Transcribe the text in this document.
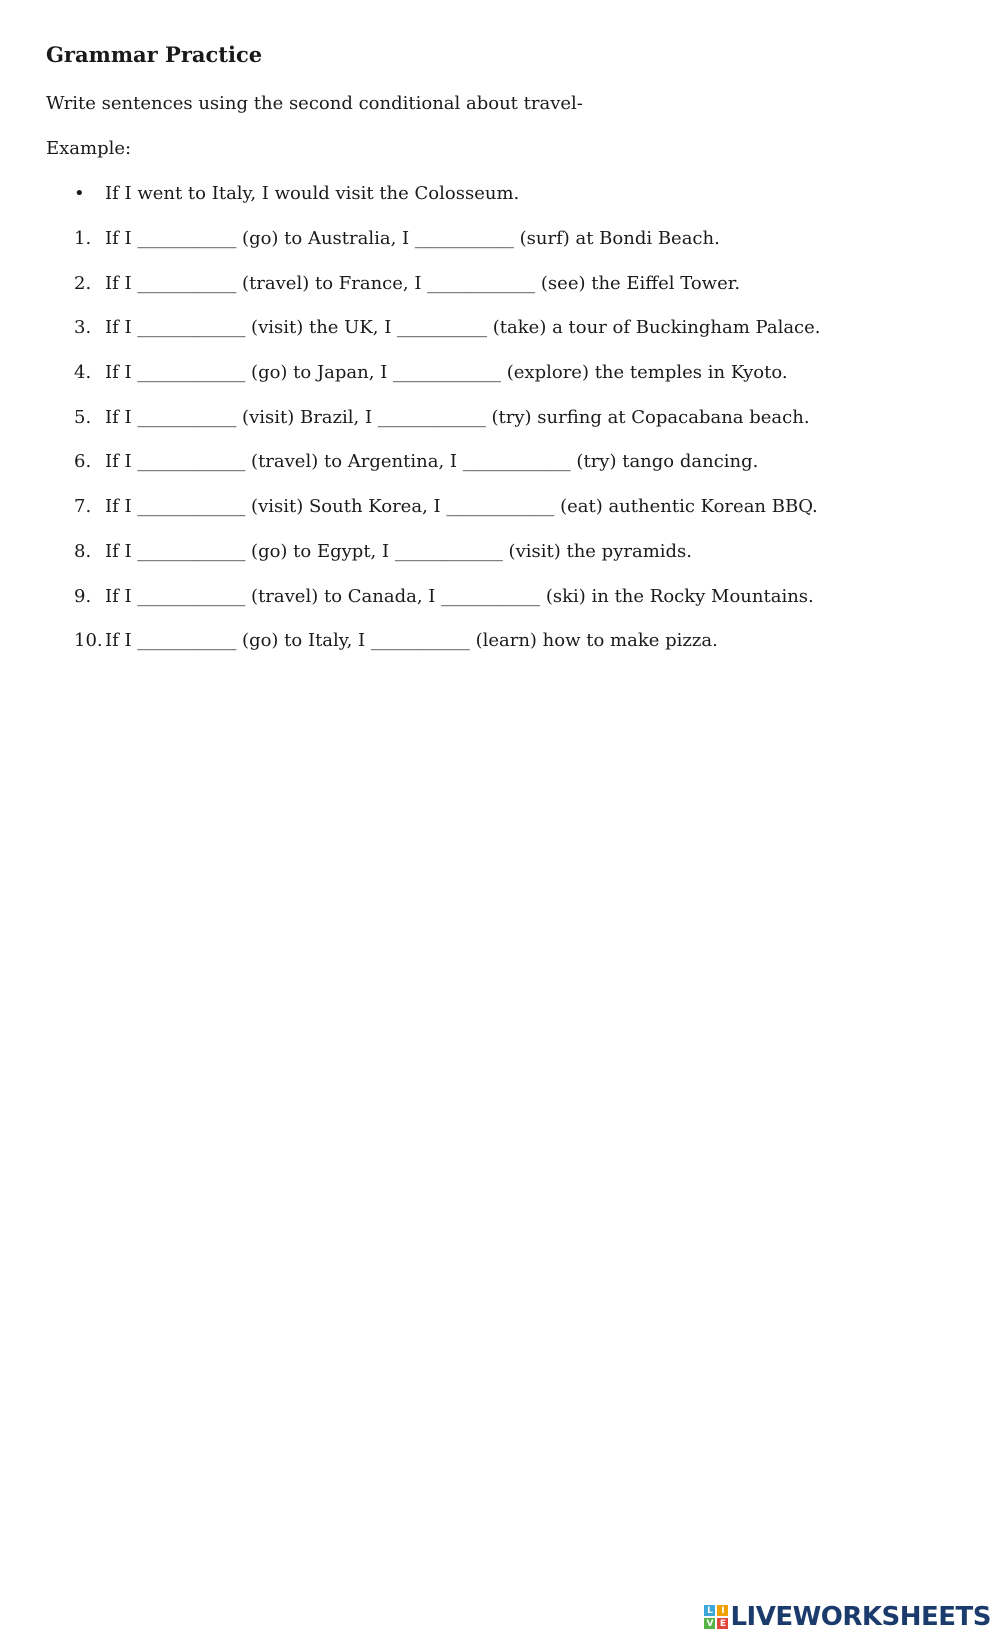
Grammar Practice

Write sentences using the second conditional about travel-

Example:

•	If I went to Italy, I would visit the Colosseum.
1. If I ___________ (go) to Australia, I ___________ (surf) at Bondi Beach.
2. If I ___________ (travel) to France, I ____________ (see) the Eiffel Tower.
3. If I ____________ (visit) the UK, I __________ (take) a tour of Buckingham Palace.
4. If I ____________ (go) to Japan, I ____________ (explore) the temples in Kyoto.
5. If I ___________ (visit) Brazil, I ____________ (try) surfing at Copacabana beach.
6. If I ____________ (travel) to Argentina, I ____________ (try) tango dancing.
7. If I ____________ (visit) South Korea, I ____________ (eat) authentic Korean BBQ.
8. If I ____________ (go) to Egypt, I ____________ (visit) the pyramids.
9. If I ____________ (travel) to Canada, I ___________ (ski) in the Rocky Mountains.
10. If I ___________ (go) to Italy, I ___________ (learn) how to make pizza.
L I
V E LIVEWORKSHEETS
